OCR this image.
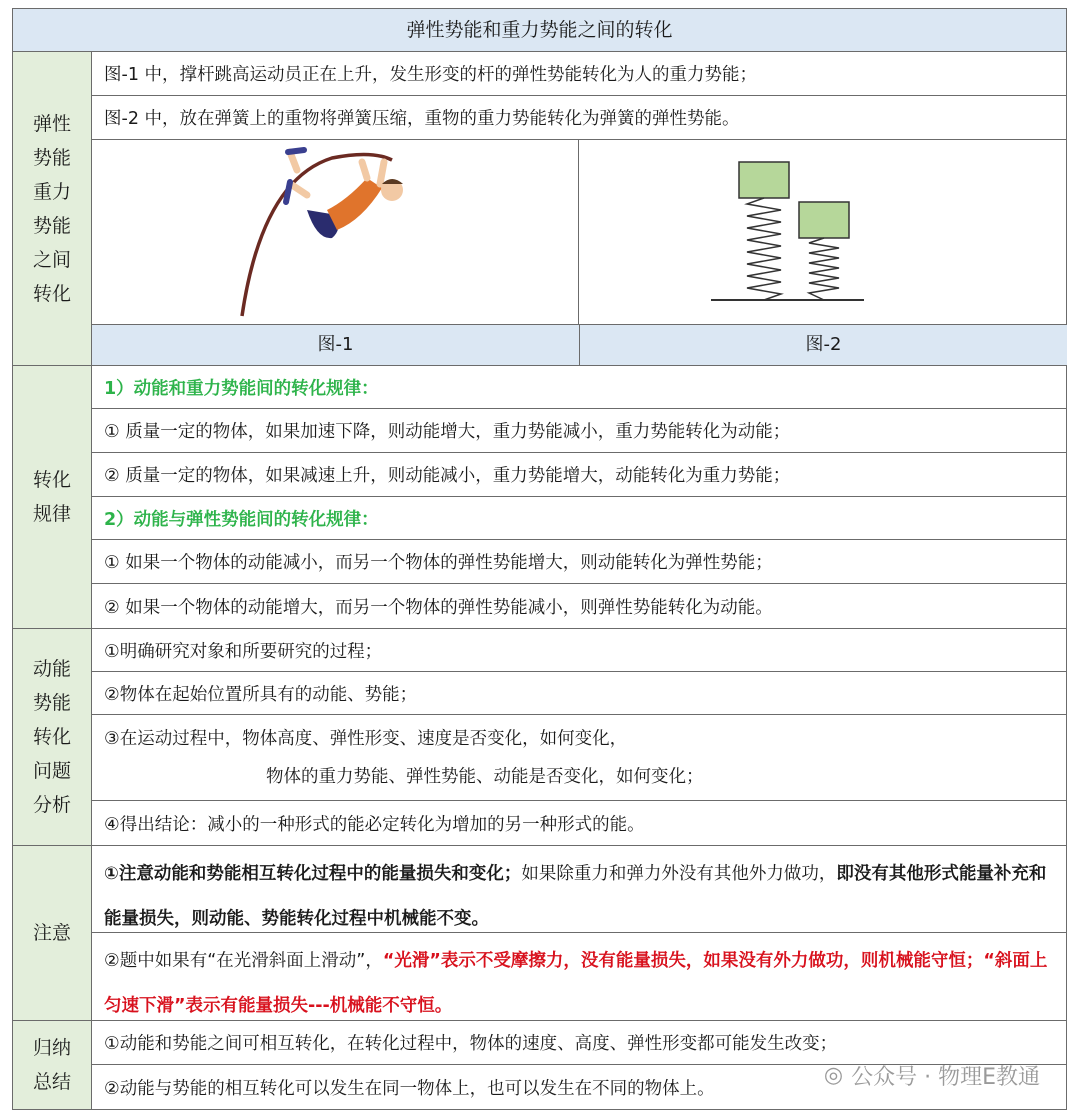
弹性势能和重力势能之间的转化
弹性
势能
重力
势能
之间
转化
图-1 中，撑杆跳高运动员正在上升，发生形变的杆的弹性势能转化为人的重力势能；
图-2 中，放在弹簧上的重物将弹簧压缩，重物的重力势能转化为弹簧的弹性势能。
图-1	图-2
转化
规律
1）动能和重力势能间的转化规律：
① 质量一定的物体，如果加速下降，则动能增大，重力势能减小，重力势能转化为动能；
② 质量一定的物体，如果减速上升，则动能减小，重力势能增大，动能转化为重力势能；
2）动能与弹性势能间的转化规律：
① 如果一个物体的动能减小，而另一个物体的弹性势能增大，则动能转化为弹性势能；
② 如果一个物体的动能增大，而另一个物体的弹性势能减小，则弹性势能转化为动能。
动能
势能
转化
问题
分析
①明确研究对象和所要研究的过程；
②物体在起始位置所具有的动能、势能；
③在运动过程中，物体高度、弹性形变、速度是否变化，如何变化，
物体的重力势能、弹性势能、动能是否变化，如何变化；
④得出结论：减小的一种形式的能必定转化为增加的另一种形式的能。
注意
①注意动能和势能相互转化过程中的能量损失和变化；如果除重力和弹力外没有其他外力做功，即没有其他形式能量补充和能量损失，则动能、势能转化过程中机械能不变。
②题中如果有“在光滑斜面上滑动”，“光滑”表示不受摩擦力，没有能量损失，如果没有外力做功，则机械能守恒；“斜面上匀速下滑”表示有能量损失---机械能不守恒。
归纳
总结
①动能和势能之间可相互转化，在转化过程中，物体的速度、高度、弹性形变都可能发生改变；
②动能与势能的相互转化可以发生在同一物体上，也可以发生在不同的物体上。
◎ 公众号 · 物理E教通
